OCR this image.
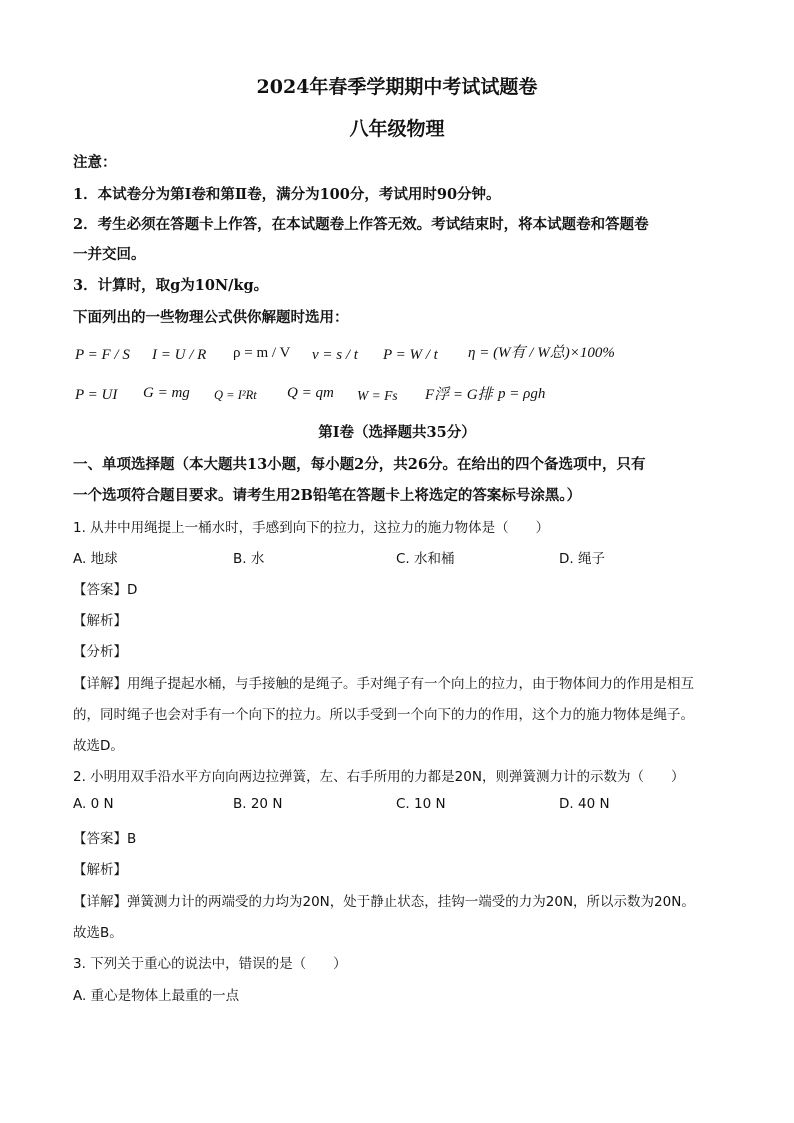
2024年春季学期期中考试试题卷
八年级物理
注意：
1．本试卷分为第Ⅰ卷和第Ⅱ卷，满分为100分，考试用时90分钟。
2．考生必须在答题卡上作答，在本试题卷上作答无效。考试结束时，将本试题卷和答题卷
一并交回。
3．计算时，取g为10N/kg。
下面列出的一些物理公式供你解题时选用：
P = F / S I = U / R ρ = m / V v = s / t P = W / t η = (W有 / W总)×100%
P = UI G = mg Q = I²Rt Q = qm W = Fs F浮 = G排 p = ρgh
第Ⅰ卷（选择题共35分）
一、单项选择题（本大题共13小题，每小题2分，共26分。在给出的四个备选项中，只有
一个选项符合题目要求。请考生用2B铅笔在答题卡上将选定的答案标号涂黑。）
1. 从井中用绳提上一桶水时，手感到向下的拉力，这拉力的施力物体是（　　）
A. 地球	B. 水	C. 水和桶	D. 绳子
【答案】D
【解析】
【分析】
【详解】用绳子提起水桶，与手接触的是绳子。手对绳子有一个向上的拉力，由于物体间力的作用是相互
的，同时绳子也会对手有一个向下的拉力。所以手受到一个向下的力的作用，这个力的施力物体是绳子。
故选D。
2. 小明用双手沿水平方向向两边拉弹簧，左、右手所用的力都是20N，则弹簧测力计的示数为（　　）
A. 0 N	B. 20 N	C. 10 N	D. 40 N
【答案】B
【解析】
【详解】弹簧测力计的两端受的力均为20N，处于静止状态，挂钩一端受的力为20N，所以示数为20N。
故选B。
3. 下列关于重心的说法中，错误的是（　　）
A. 重心是物体上最重的一点
